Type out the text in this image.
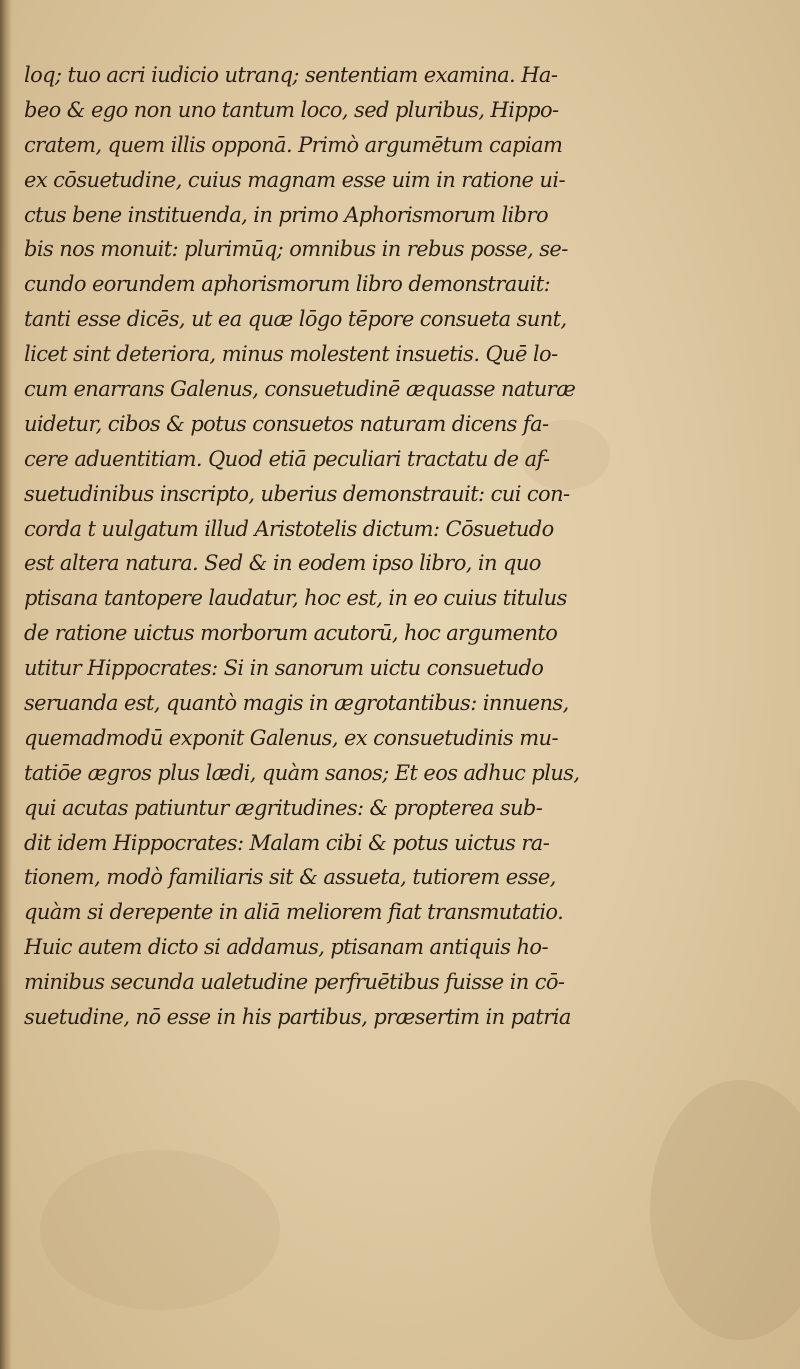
loq; tuo acri iudicio utranq; sententiam examina. Ha-
beo & ego non uno tantum loco, sed pluribus, Hippo-
cratem, quem illis opponā. Primò argumētum capiam
ex cōsuetudine, cuius magnam esse uim in ratione ui-
ctus bene instituenda, in primo Aphorismorum libro
bis nos monuit: plurimūq; omnibus in rebus posse, se-
cundo eorundem aphorismorum libro demonstrauit:
tanti esse dicēs, ut ea quæ lōgo tēpore consueta sunt,
licet sint deteriora, minus molestent insuetis. Quē lo-
cum enarrans Galenus, consuetudinē æquasse naturæ
uidetur, cibos & potus consuetos naturam dicens fa-
cere aduentitiam. Quod etiā peculiari tractatu de af-
suetudinibus inscripto, uberius demonstrauit: cui con-
corda t uulgatum illud Aristotelis dictum: Cōsuetudo
est altera natura. Sed & in eodem ipso libro, in quo
ptisana tantopere laudatur, hoc est, in eo cuius titulus
de ratione uictus morborum acutorū, hoc argumento
utitur Hippocrates: Si in sanorum uictu consuetudo
seruanda est, quantò magis in ægrotantibus: innuens,
quemadmodū exponit Galenus, ex consuetudinis mu-
tatiōe ægros plus lædi, quàm sanos; Et eos adhuc plus,
qui acutas patiuntur ægritudines: & propterea sub-
dit idem Hippocrates: Malam cibi & potus uictus ra-
tionem, modò familiaris sit & assueta, tutiorem esse,
quàm si derepente in aliā meliorem fiat transmutatio.
Huic autem dicto si addamus, ptisanam antiquis ho-
minibus secunda ualetudine perfruētibus fuisse in cō-
suetudine, nō esse in his partibus, præsertim in patria
